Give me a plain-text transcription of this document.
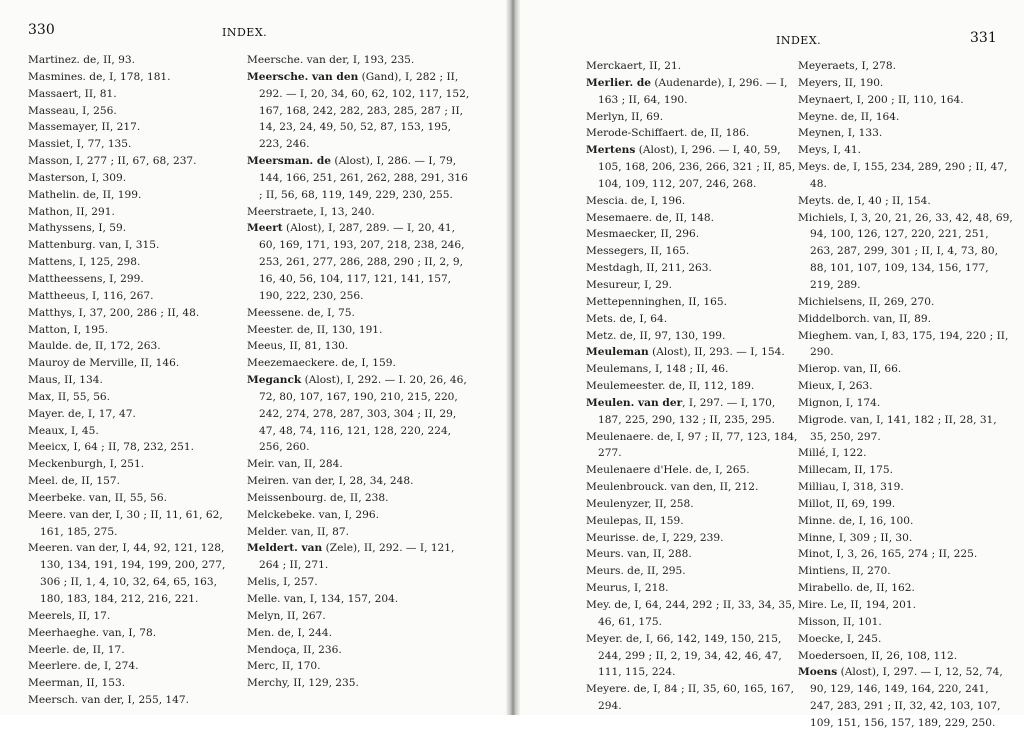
330	INDEX.

Martinez. de, II, 93.

Masmines. de, I, 178, 181.

Massaert, II, 81.

Masseau, I, 256.

Massemayer, II, 217.

Massiet, I, 77, 135.

Masson, I, 277 ; II, 67, 68, 237.

Masterson, I, 309.

Mathelin. de, II, 199.

Mathon, II, 291.

Mathyssens, I, 59.

Mattenburg. van, I, 315.

Mattens, I, 125, 298.

Mattheessens, I, 299.

Mattheeus, I, 116, 267.

Matthys, I, 37, 200, 286 ; II, 48.

Matton, I, 195.

Maulde. de, II, 172, 263.

Mauroy de Merville, II, 146.

Maus, II, 134.

Max, II, 55, 56.

Mayer. de, I, 17, 47.

Meaux, I, 45.

Meeicx, I, 64 ; II, 78, 232, 251.

Meckenburgh, I, 251.

Meel. de, II, 157.

Meerbeke. van, II, 55, 56.

Meere. van der, I, 30 ; II, 11, 61, 62, 161, 185, 275.

Meeren. van der, I, 44, 92, 121, 128, 130, 134, 191, 194, 199, 200, 277, 306 ; II, 1, 4, 10, 32, 64, 65, 163, 180, 183, 184, 212, 216, 221.

Meerels, II, 17.

Meerhaeghe. van, I, 78.

Meerle. de, II, 17.

Meerlere. de, I, 274.

Meerman, II, 153.

Meersch. van der, I, 255, 147.

Meersche. van der, I, 193, 235.

Meersche. van den (Gand), I, 282 ; II, 292. — I, 20, 34, 60, 62, 102, 117, 152, 167, 168, 242, 282, 283, 285, 287 ; II, 14, 23, 24, 49, 50, 52, 87, 153, 195, 223, 246.

Meersman. de (Alost), I, 286. — I, 79, 144, 166, 251, 261, 262, 288, 291, 316 ; II, 56, 68, 119, 149, 229, 230, 255.

Meerstraete, I, 13, 240.

Meert (Alost), I, 287, 289. — I, 20, 41, 60, 169, 171, 193, 207, 218, 238, 246, 253, 261, 277, 286, 288, 290 ; II, 2, 9, 16, 40, 56, 104, 117, 121, 141, 157, 190, 222, 230, 256.

Meessene. de, I, 75.

Meester. de, II, 130, 191.

Meeus, II, 81, 130.

Meezemaeckere. de, I, 159.

Meganck (Alost), I, 292. — I. 20, 26, 46, 72, 80, 107, 167, 190, 210, 215, 220, 242, 274, 278, 287, 303, 304 ; II, 29, 47, 48, 74, 116, 121, 128, 220, 224, 256, 260.

Meir. van, II, 284.

Meiren. van der, I, 28, 34, 248.

Meissenbourg. de, II, 238.

Melckebeke. van, I, 296.

Melder. van, II, 87.

Meldert. van (Zele), II, 292. — I, 121, 264 ; II, 271.

Melis, I, 257.

Melle. van, I, 134, 157, 204.

Melyn, II, 267.

Men. de, I, 244.

Mendoça, II, 236.

Merc, II, 170.

Merchy, II, 129, 235.

331
INDEX.

Merckaert, II, 21.

Merlier. de (Audenarde), I, 296. — I, 163 ; II, 64, 190.

Merlyn, II, 69.

Merode-Schiffaert. de, II, 186.

Mertens (Alost), I, 296. — I, 40, 59, 105, 168, 206, 236, 266, 321 ; II, 85, 104, 109, 112, 207, 246, 268.

Mescia. de, I, 196.

Mesemaere. de, II, 148.

Mesmaecker, II, 296.

Messegers, II, 165.

Mestdagh, II, 211, 263.

Mesureur, I, 29.

Mettepenninghen, II, 165.

Mets. de, I, 64.

Metz. de, II, 97, 130, 199.

Meuleman (Alost), II, 293. — I, 154.

Meulemans, I, 148 ; II, 46.

Meulemeester. de, II, 112, 189.

Meulen. van der, I, 297. — I, 170, 187, 225, 290, 132 ; II, 235, 295.

Meulenaere. de, I, 97 ; II, 77, 123, 184, 277.

Meulenaere d'Hele. de, I, 265.

Meulenbrouck. van den, II, 212.

Meulenyzer, II, 258.

Meulepas, II, 159.

Meurisse. de, I, 229, 239.

Meurs. van, II, 288.

Meurs. de, II, 295.

Meurus, I, 218.

Mey. de, I, 64, 244, 292 ; II, 33, 34, 35, 46, 61, 175.

Meyer. de, I, 66, 142, 149, 150, 215, 244, 299 ; II, 2, 19, 34, 42, 46, 47, 111, 115, 224.

Meyere. de, I, 84 ; II, 35, 60, 165, 167, 294.

Meyeraets, I, 278.

Meyers, II, 190.

Meynaert, I, 200 ; II, 110, 164.

Meyne. de, II, 164.

Meynen, I, 133.

Meys, I, 41.

Meys. de, I, 155, 234, 289, 290 ; II, 47, 48.

Meyts. de, I, 40 ; II, 154.

Michiels, I, 3, 20, 21, 26, 33, 42, 48, 69, 94, 100, 126, 127, 220, 221, 251, 263, 287, 299, 301 ; II, I, 4, 73, 80, 88, 101, 107, 109, 134, 156, 177, 219, 289.

Michielsens, II, 269, 270.

Middelborch. van, II, 89.

Mieghem. van, I, 83, 175, 194, 220 ; II, 290.

Mierop. van, II, 66.

Mieux, I, 263.

Mignon, I, 174.

Migrode. van, I, 141, 182 ; II, 28, 31, 35, 250, 297.

Millé, I, 122.

Millecam, II, 175.

Milliau, I, 318, 319.

Millot, II, 69, 199.

Minne. de, I, 16, 100.

Minne, I, 309 ; II, 30.

Minot, I, 3, 26, 165, 274 ; II, 225.

Mintiens, II, 270.

Mirabello. de, II, 162.

Mire. Le, II, 194, 201.

Misson, II, 101.

Moecke, I, 245.

Moedersoen, II, 26, 108, 112.

Moens (Alost), I, 297. — I, 12, 52, 74, 90, 129, 146, 149, 164, 220, 241, 247, 283, 291 ; II, 32, 42, 103, 107, 109, 151, 156, 157, 189, 229, 250.
